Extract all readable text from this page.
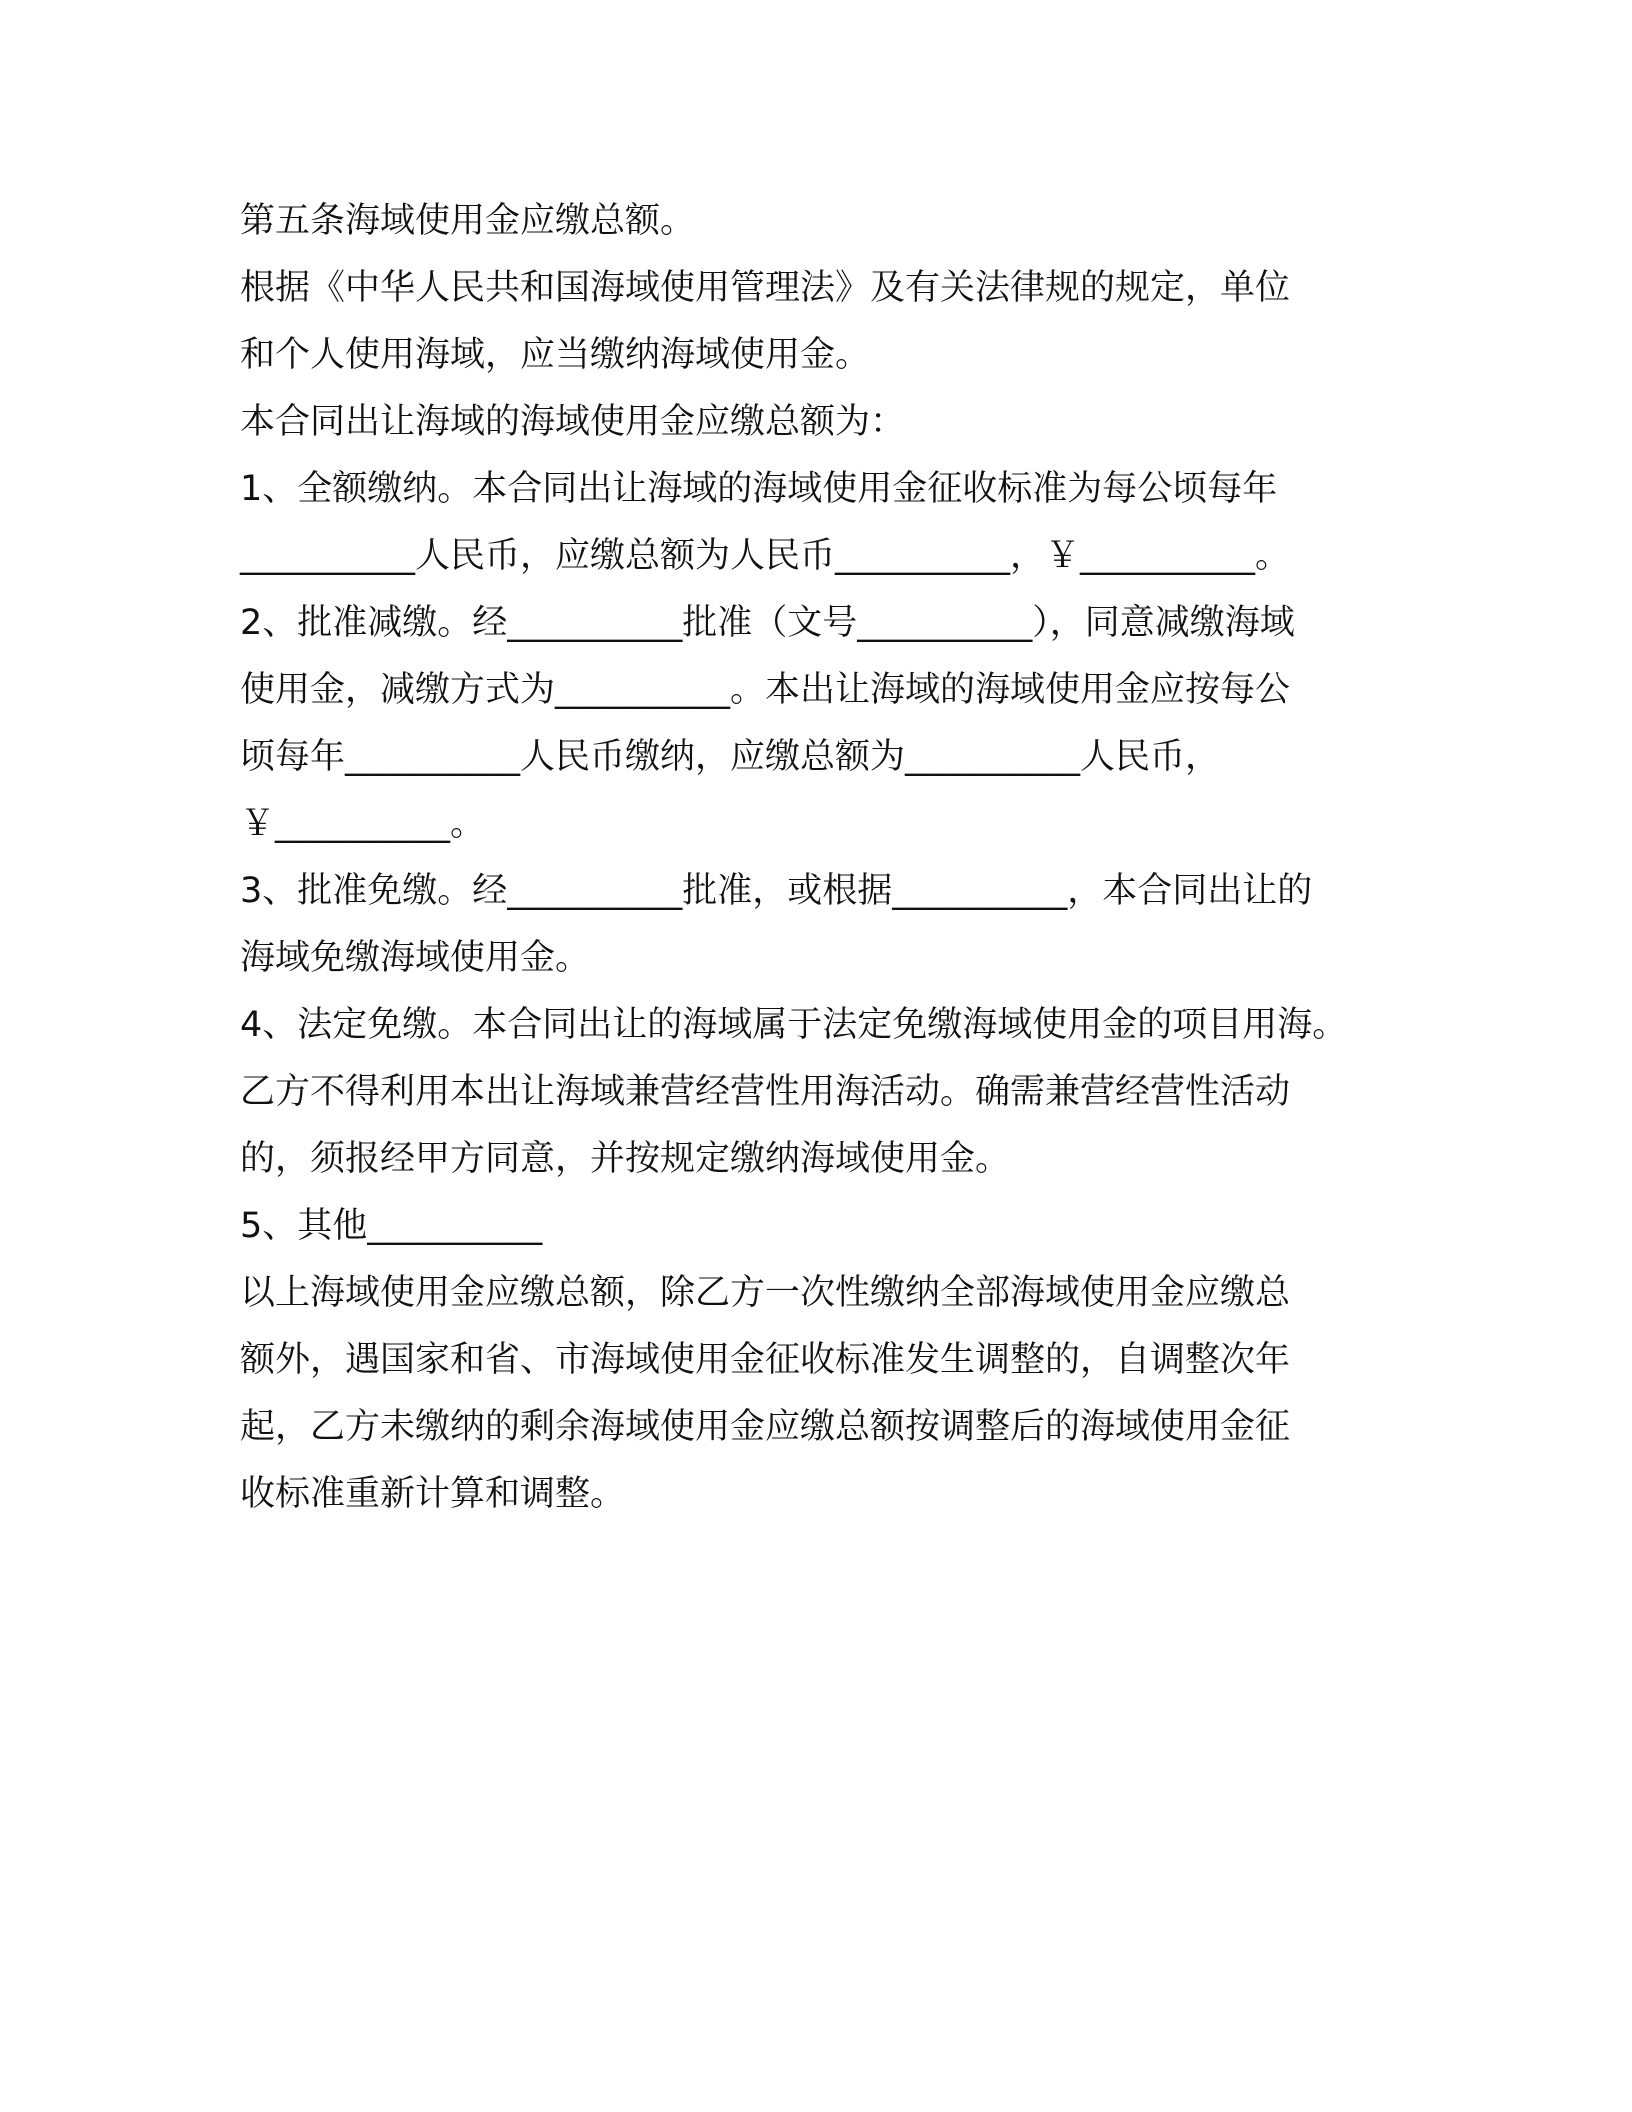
第五条海域使用金应缴总额。
根据《中华人民共和国海域使用管理法》及有关法律规的规定，单位
和个人使用海域，应当缴纳海域使用金。
本合同出让海域的海域使用金应缴总额为：
1、全额缴纳。本合同出让海域的海域使用金征收标准为每公顷每年
__________人民币，应缴总额为人民币__________，￥__________。
2、批准减缴。经__________批准（文号__________），同意减缴海域
使用金，减缴方式为__________。本出让海域的海域使用金应按每公
顷每年__________人民币缴纳，应缴总额为__________人民币，
￥__________。
3、批准免缴。经__________批准，或根据__________，本合同出让的
海域免缴海域使用金。
4、法定免缴。本合同出让的海域属于法定免缴海域使用金的项目用海。
乙方不得利用本出让海域兼营经营性用海活动。确需兼营经营性活动
的，须报经甲方同意，并按规定缴纳海域使用金。
5、其他__________
以上海域使用金应缴总额，除乙方一次性缴纳全部海域使用金应缴总
额外，遇国家和省、市海域使用金征收标准发生调整的，自调整次年
起，乙方未缴纳的剩余海域使用金应缴总额按调整后的海域使用金征
收标准重新计算和调整。
